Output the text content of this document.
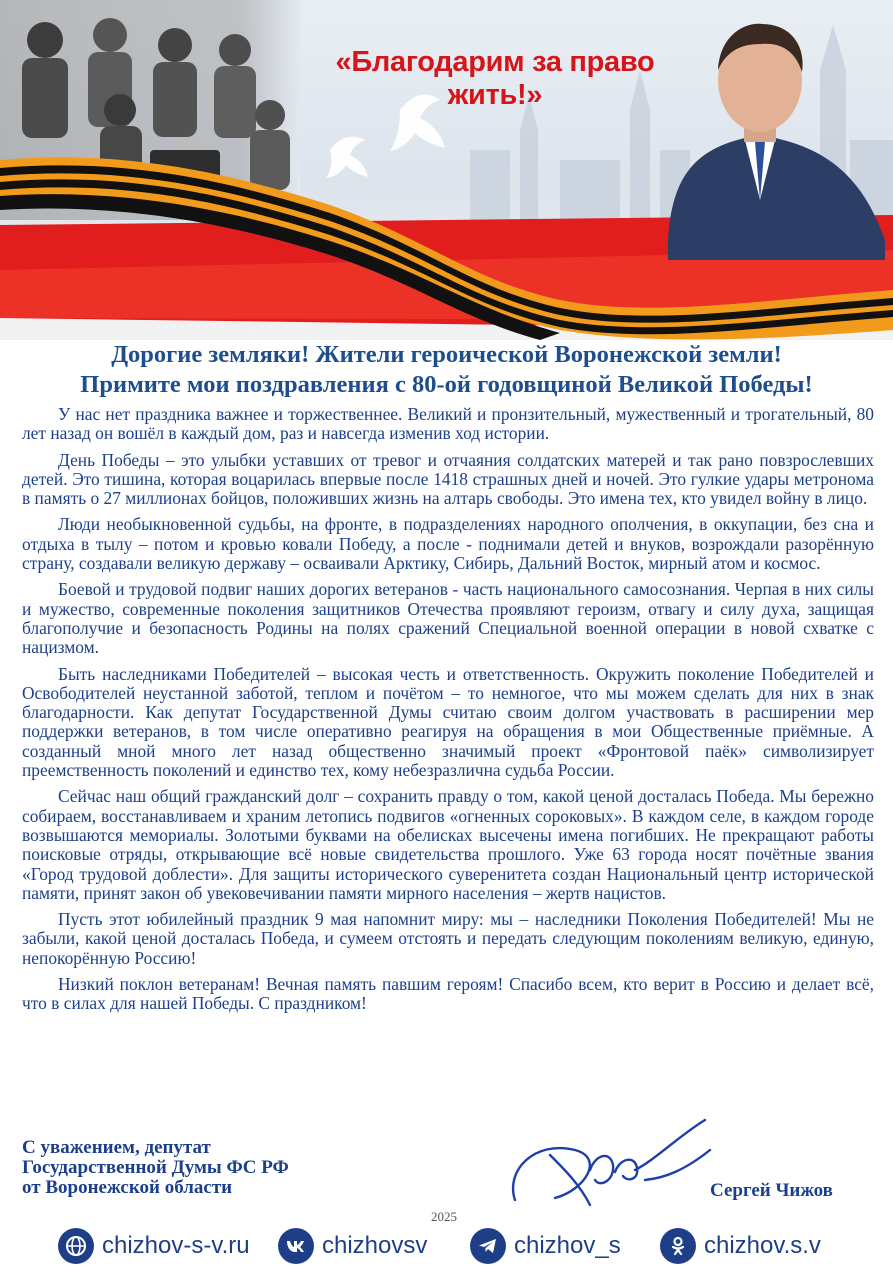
«Благодарим за право жить!»
Дорогие земляки! Жители героической Воронежской земли!
Примите мои поздравления с 80-ой годовщиной Великой Победы!

У нас нет праздника важнее и торжественнее. Великий и пронзительный, мужественный и трогательный, 80 лет назад он вошёл в каждый дом, раз и навсегда изменив ход истории.

День Победы – это улыбки уставших от тревог и отчаяния солдатских матерей и так рано повзрослевших детей. Это тишина, которая воцарилась впервые после 1418 страшных дней и ночей. Это гулкие удары метронома в память о 27 миллионах бойцов, положивших жизнь на алтарь свободы. Это имена тех, кто увидел войну в лицо.

Люди необыкновенной судьбы, на фронте, в подразделениях народного ополчения, в оккупации, без сна и отдыха в тылу – потом и кровью ковали Победу, а после - поднимали детей и внуков, возрождали разорённую страну, создавали великую державу – осваивали Арктику, Сибирь, Дальний Восток, мирный атом и космос.

Боевой и трудовой подвиг наших дорогих ветеранов - часть национального самосознания. Черпая в них силы и мужество, современные поколения защитников Отечества проявляют героизм, отвагу и силу духа, защищая благополучие и безопасность Родины на полях сражений Специальной военной операции в новой схватке с нацизмом.

Быть наследниками Победителей – высокая честь и ответственность. Окружить поколение Победителей и Освободителей неустанной заботой, теплом и почётом – то немногое, что мы можем сделать для них в знак благодарности. Как депутат Государственной Думы считаю своим долгом участвовать в расширении мер поддержки ветеранов, в том числе оперативно реагируя на обращения в мои Общественные приёмные. А созданный мной много лет назад общественно значимый проект «Фронтовой паёк» символизирует преемственность поколений и единство тех, кому небезразлична судьба России.

Сейчас наш общий гражданский долг – сохранить правду о том, какой ценой досталась Победа. Мы бережно собираем, восстанавливаем и храним летопись подвигов «огненных сороковых». В каждом селе, в каждом городе возвышаются мемориалы. Золотыми буквами на обелисках высечены имена погибших. Не прекращают работы поисковые отряды, открывающие всё новые свидетельства прошлого. Уже 63 города носят почётные звания «Город трудовой доблести». Для защиты исторического суверенитета создан Национальный центр исторической памяти, принят закон об увековечивании памяти мирного населения – жертв нацистов.

Пусть этот юбилейный праздник 9 мая напомнит миру: мы – наследники Поколения Победителей! Мы не забыли, какой ценой досталась Победа, и сумеем отстоять и передать следующим поколениям великую, единую, непокорённую Россию!

Низкий поклон ветеранам! Вечная память павшим героям! Спасибо всем, кто верит в Россию и делает всё, что в силах для нашей Победы. С праздником!

С уважением, депутат
Государственной Думы ФС РФ
от Воронежской области	Сергей Чижов
2025
chizhov-s-v.ru	chizhovsv	chizhov_s	chizhov.s.v
